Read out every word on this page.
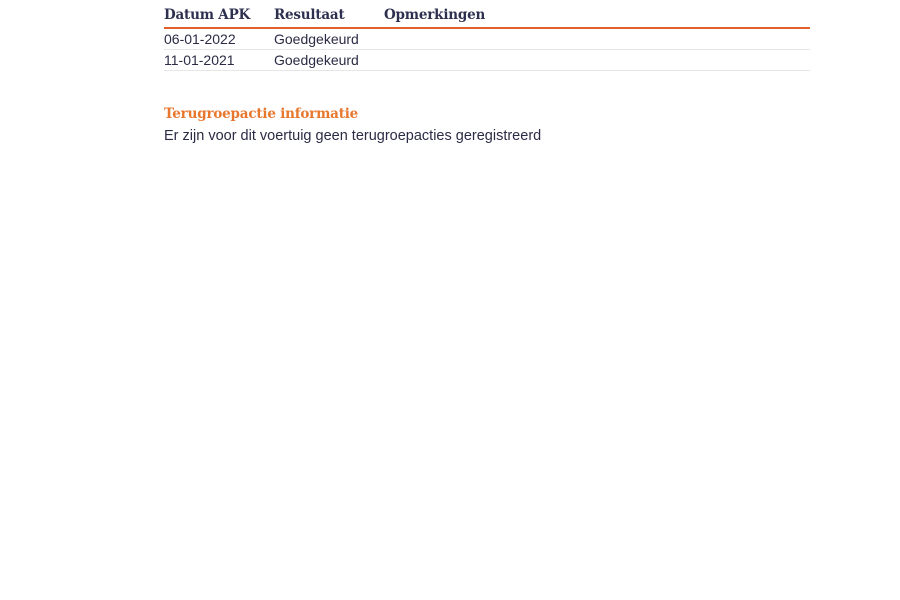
Datum APK	Resultaat	Opmerkingen
06-01-2022	Goedgekeurd	
11-01-2021	Goedgekeurd	
Terugroepactie informatie
Er zijn voor dit voertuig geen terugroepacties geregistreerd
